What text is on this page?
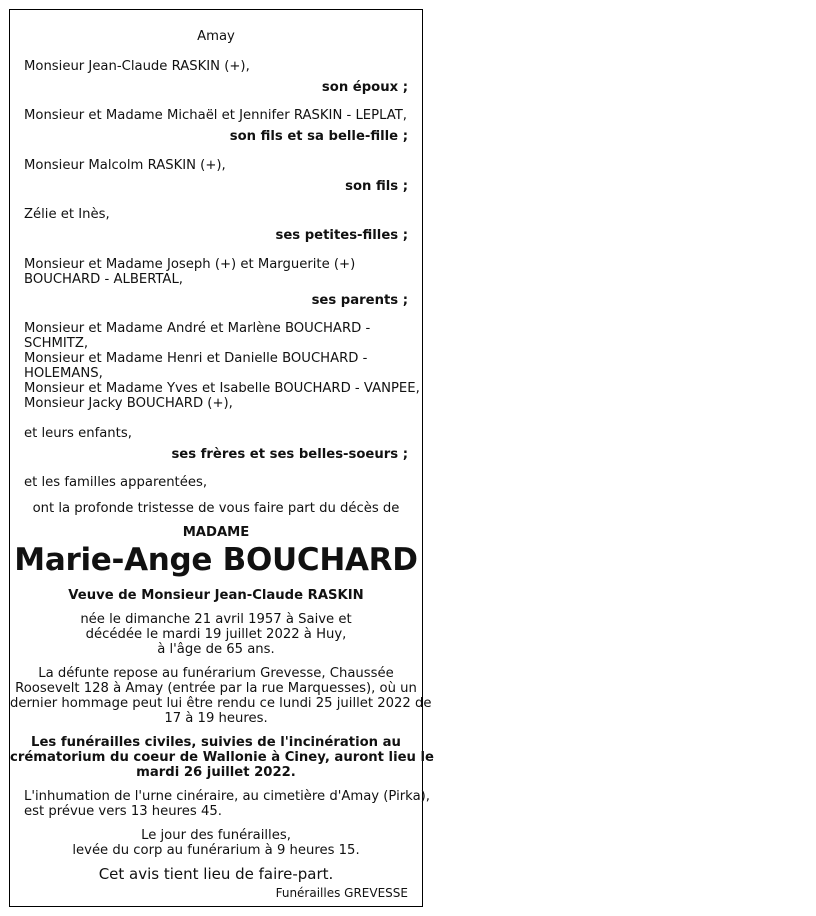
Amay
Monsieur Jean-Claude RASKIN (+),
son époux ;
Monsieur et Madame Michaël et Jennifer RASKIN - LEPLAT,
son fils et sa belle-fille ;
Monsieur Malcolm RASKIN (+),
son fils ;
Zélie et Inès,
ses petites-filles ;
Monsieur et Madame Joseph (+) et Marguerite (+)
BOUCHARD - ALBERTAL,
ses parents ;
Monsieur et Madame André et Marlène BOUCHARD -
SCHMITZ,
Monsieur et Madame Henri et Danielle BOUCHARD -
HOLEMANS,
Monsieur et Madame Yves et Isabelle BOUCHARD - VANPEE,
Monsieur Jacky BOUCHARD (+),
et leurs enfants,
ses frères et ses belles-soeurs ;
et les familles apparentées,
ont la profonde tristesse de vous faire part du décès de
MADAME
Marie-Ange BOUCHARD
Veuve de Monsieur Jean-Claude RASKIN
née le dimanche 21 avril 1957 à Saive et
décédée le mardi 19 juillet 2022 à Huy,
à l'âge de 65 ans.
La défunte repose au funérarium Grevesse, Chaussée
Roosevelt 128 à Amay (entrée par la rue Marquesses), où un
dernier hommage peut lui être rendu ce lundi 25 juillet 2022 de
17 à 19 heures.
Les funérailles civiles, suivies de l'incinération au
crématorium du coeur de Wallonie à Ciney, auront lieu le
mardi 26 juillet 2022.
L'inhumation de l'urne cinéraire, au cimetière d'Amay (Pirka),
est prévue vers 13 heures 45.
Le jour des funérailles,
levée du corp au funérarium à 9 heures 15.
Cet avis tient lieu de faire-part.
Funérailles GREVESSE
